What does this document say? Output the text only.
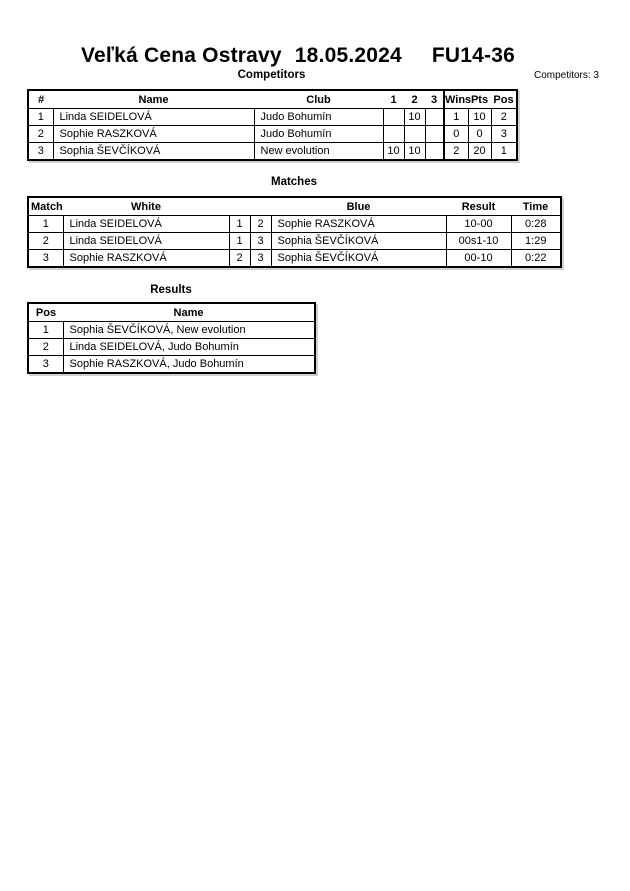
Veľká Cena Ostravy 18.05.2024 FU14-36
Competitors: 3
Competitors
#	Name	Club	1	2	3	Wins	Pts	Pos
1	Linda SEIDELOVÁ	Judo Bohumín		10		1	10	2
2	Sophie RASZKOVÁ	Judo Bohumín				0	0	3
3	Sophia ŠEVČÍKOVÁ	New evolution	10	10		2	20	1
Matches
Match	White			Blue	Result	Time
1	Linda SEIDELOVÁ	1	2	Sophie RASZKOVÁ	10-00	0:28
2	Linda SEIDELOVÁ	1	3	Sophia ŠEVČÍKOVÁ	00s1-10	1:29
3	Sophie RASZKOVÁ	2	3	Sophia ŠEVČÍKOVÁ	00-10	0:22
Results
Pos	Name
1	Sophia ŠEVČÍKOVÁ, New evolution
2	Linda SEIDELOVÁ, Judo Bohumín
3	Sophie RASZKOVÁ, Judo Bohumín
